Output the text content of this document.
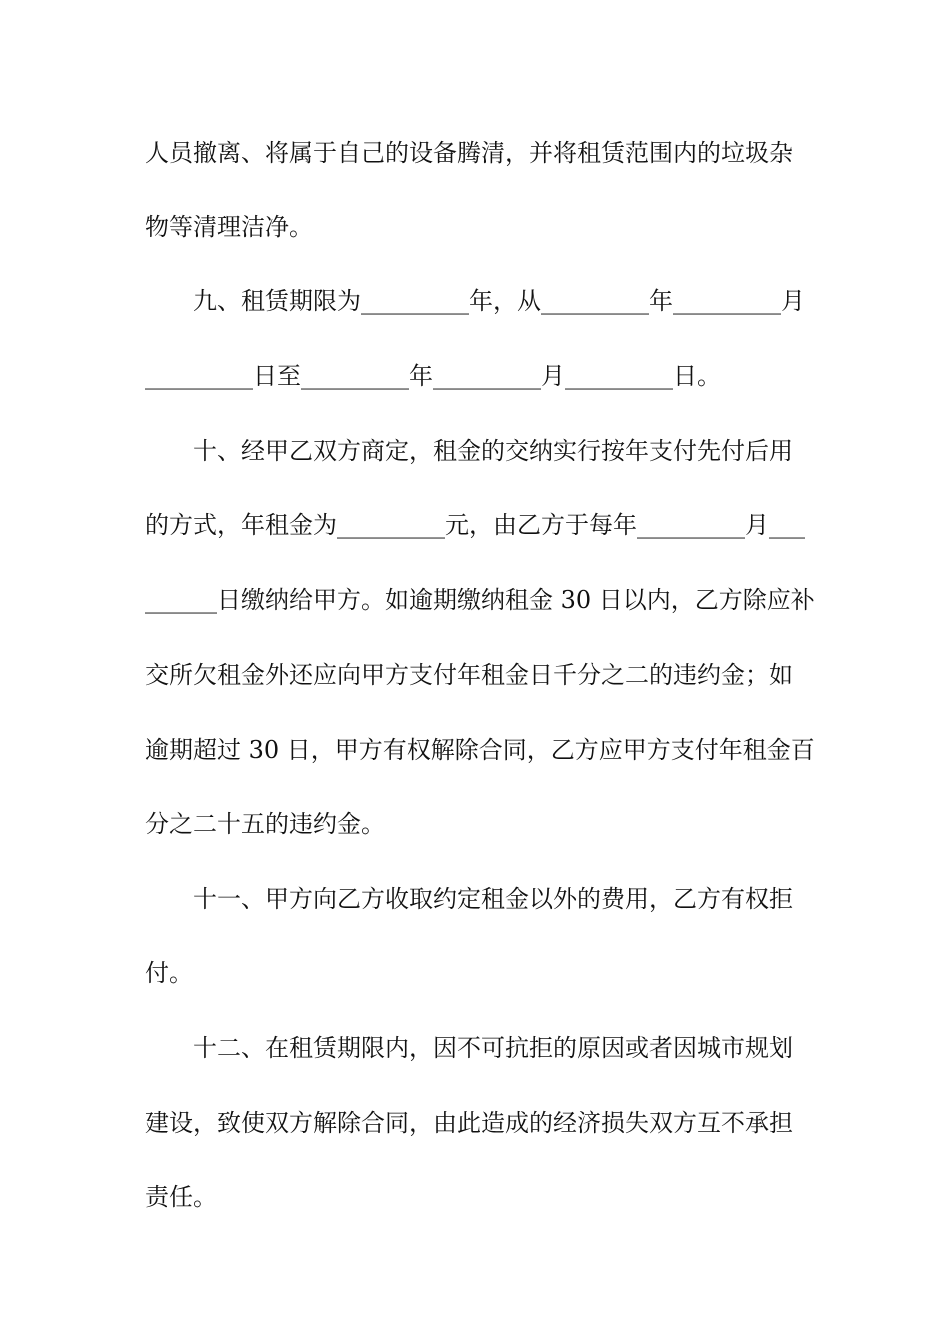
人员撤离、将属于自己的设备腾清，并将租赁范围内的垃圾杂
物等清理洁净。
九、租赁期限为_________年，从_________年_________月
_________日至_________年_________月_________日。
十、经甲乙双方商定，租金的交纳实行按年支付先付后用
的方式，年租金为_________元，由乙方于每年_________月___
______日缴纳给甲方。如逾期缴纳租金 30 日以内，乙方除应补
交所欠租金外还应向甲方支付年租金日千分之二的违约金；如
逾期超过 30 日，甲方有权解除合同，乙方应甲方支付年租金百
分之二十五的违约金。
十一、甲方向乙方收取约定租金以外的费用，乙方有权拒
付。
十二、在租赁期限内，因不可抗拒的原因或者因城市规划
建设，致使双方解除合同，由此造成的经济损失双方互不承担
责任。
